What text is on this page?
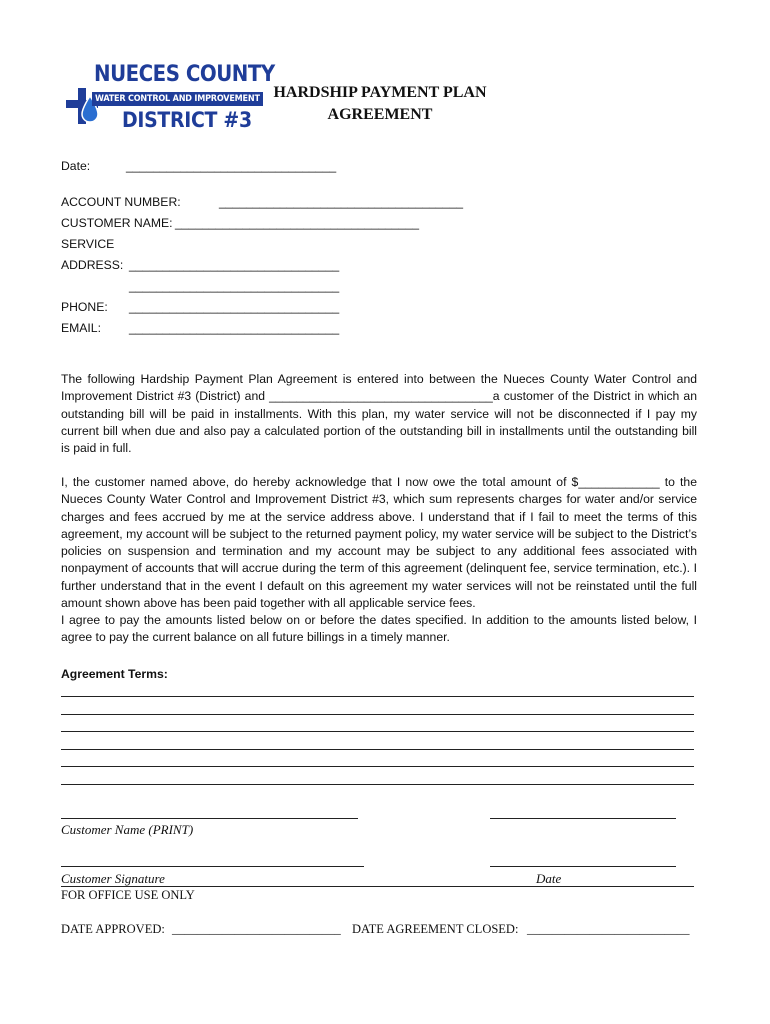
NUECES COUNTY
WATER CONTROL AND IMPROVEMENT
DISTRICT #3
HARDSHIP PAYMENT PLAN
AGREEMENT
Date:	_______________________________
ACCOUNT NUMBER:	____________________________________
CUSTOMER NAME: ____________________________________
SERVICE
ADDRESS: _______________________________
_______________________________
PHONE: _______________________________
EMAIL: _______________________________
The following Hardship Payment Plan Agreement is entered into between the Nueces County Water Control and Improvement District #3 (District) and _________________________________a customer of the District in which an outstanding bill will be paid in installments. With this plan, my water service will not be disconnected if I pay my current bill when due and also pay a calculated portion of the outstanding bill in installments until the outstanding bill is paid in full.
I, the customer named above, do hereby acknowledge that I now owe the total amount of $____________ to the Nueces County Water Control and Improvement District #3, which sum represents charges for water and/or service charges and fees accrued by me at the service address above. I understand that if I fail to meet the terms of this agreement, my account will be subject to the returned payment policy, my water service will be subject to the District’s policies on suspension and termination and my account may be subject to any additional fees associated with nonpayment of accounts that will accrue during the term of this agreement (delinquent fee, service termination, etc.). I further understand that in the event I default on this agreement my water services will not be reinstated until the full amount shown above has been paid together with all applicable service fees.
I agree to pay the amounts listed below on or before the dates specified. In addition to the amounts listed below, I agree to pay the current balance on all future billings in a timely manner.
Agreement Terms:
Customer Name (PRINT)
Customer Signature	Date
FOR OFFICE USE ONLY
DATE APPROVED: ___________________________ DATE AGREEMENT CLOSED: __________________________
